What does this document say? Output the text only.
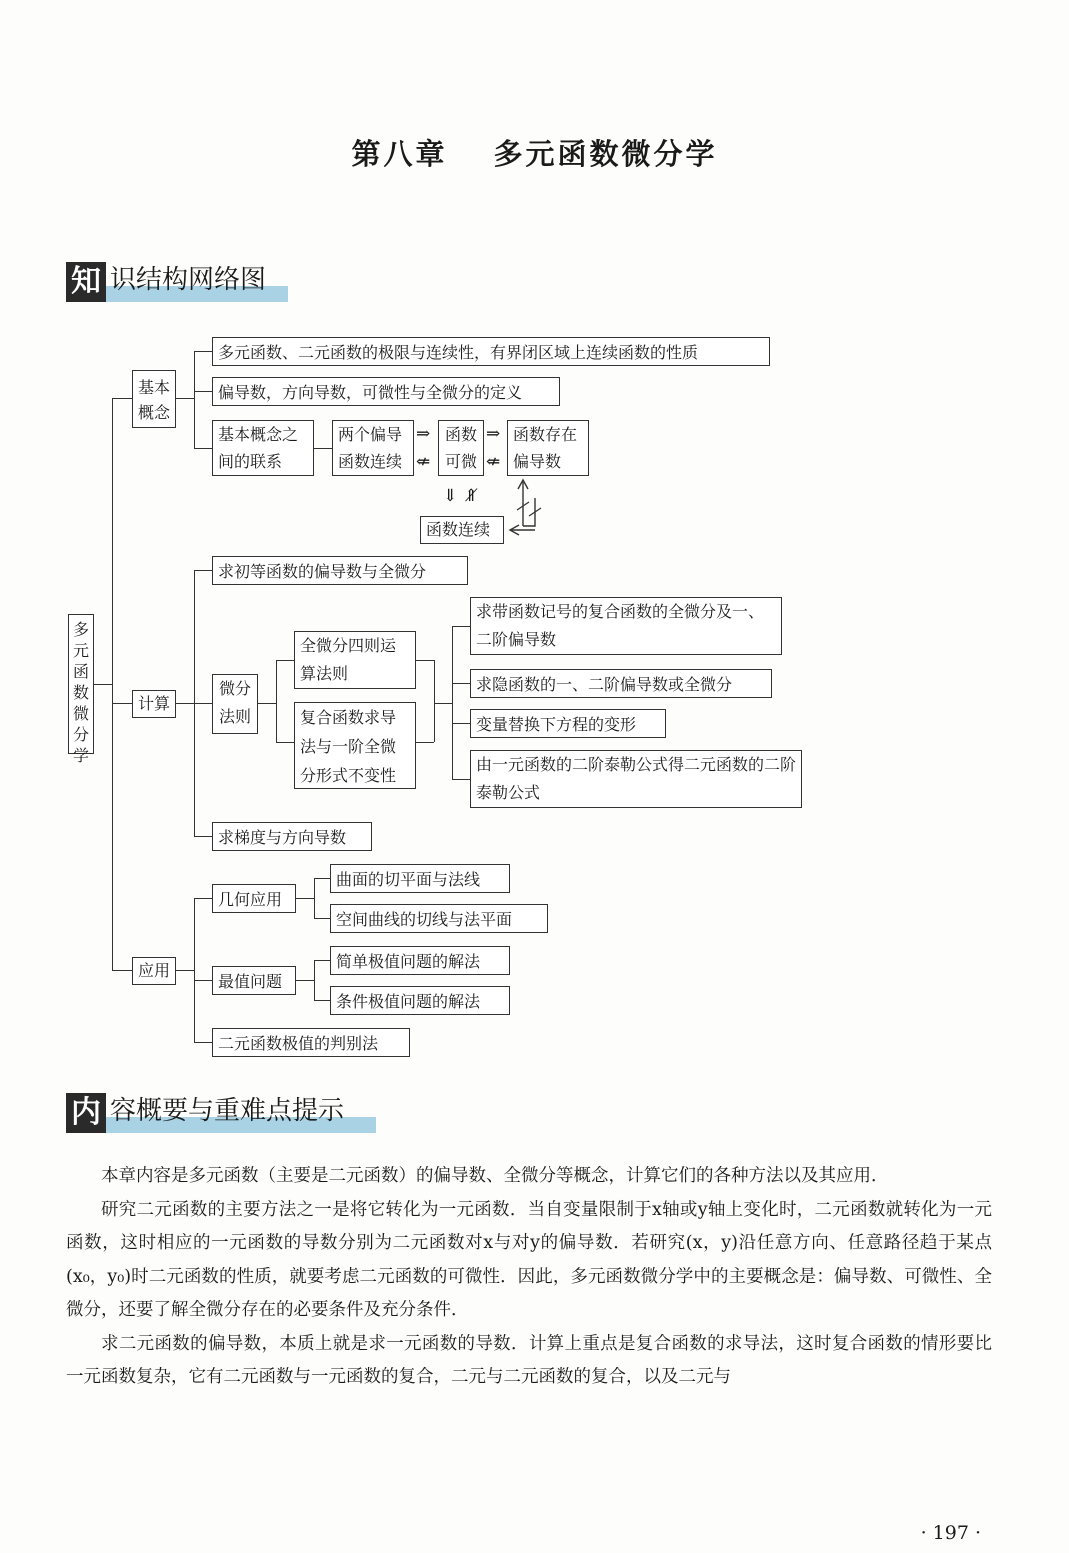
第八章 多元函数微分学
知 识结构网络图
多元函数微分学
基本概念
多元函数、二元函数的极限与连续性，有界闭区域上连续函数的性质
偏导数，方向导数，可微性与全微分的定义
基本概念之间的联系
两个偏导函数连续
⇒
⇍
函数可微
⇒
⇍
函数存在偏导数
⇓ ⇑̸
函数连续
计算
求初等函数的偏导数与全微分
微分法则
全微分四则运算法则
复合函数求导法与一阶全微分形式不变性
求带函数记号的复合函数的全微分及一、二阶偏导数
求隐函数的一、二阶偏导数或全微分
变量替换下方程的变形
由一元函数的二阶泰勒公式得二元函数的二阶泰勒公式
求梯度与方向导数
应用
几何应用
曲面的切平面与法线
空间曲线的切线与法平面
最值问题
简单极值问题的解法
条件极值问题的解法
二元函数极值的判别法
内 容概要与重难点提示

本章内容是多元函数（主要是二元函数）的偏导数、全微分等概念，计算它们的各种方法以及其应用．

研究二元函数的主要方法之一是将它转化为一元函数．当自变量限制于x轴或y轴上变化时，二元函数就转化为一元函数，这时相应的一元函数的导数分别为二元函数对x与对y的偏导数．若研究(x，y)沿任意方向、任意路径趋于某点(x₀，y₀)时二元函数的性质，就要考虑二元函数的可微性．因此，多元函数微分学中的主要概念是：偏导数、可微性、全微分，还要了解全微分存在的必要条件及充分条件．

求二元函数的偏导数，本质上就是求一元函数的导数．计算上重点是复合函数的求导法，这时复合函数的情形要比一元函数复杂，它有二元函数与一元函数的复合，二元与二元函数的复合，以及二元与

· 197 ·
